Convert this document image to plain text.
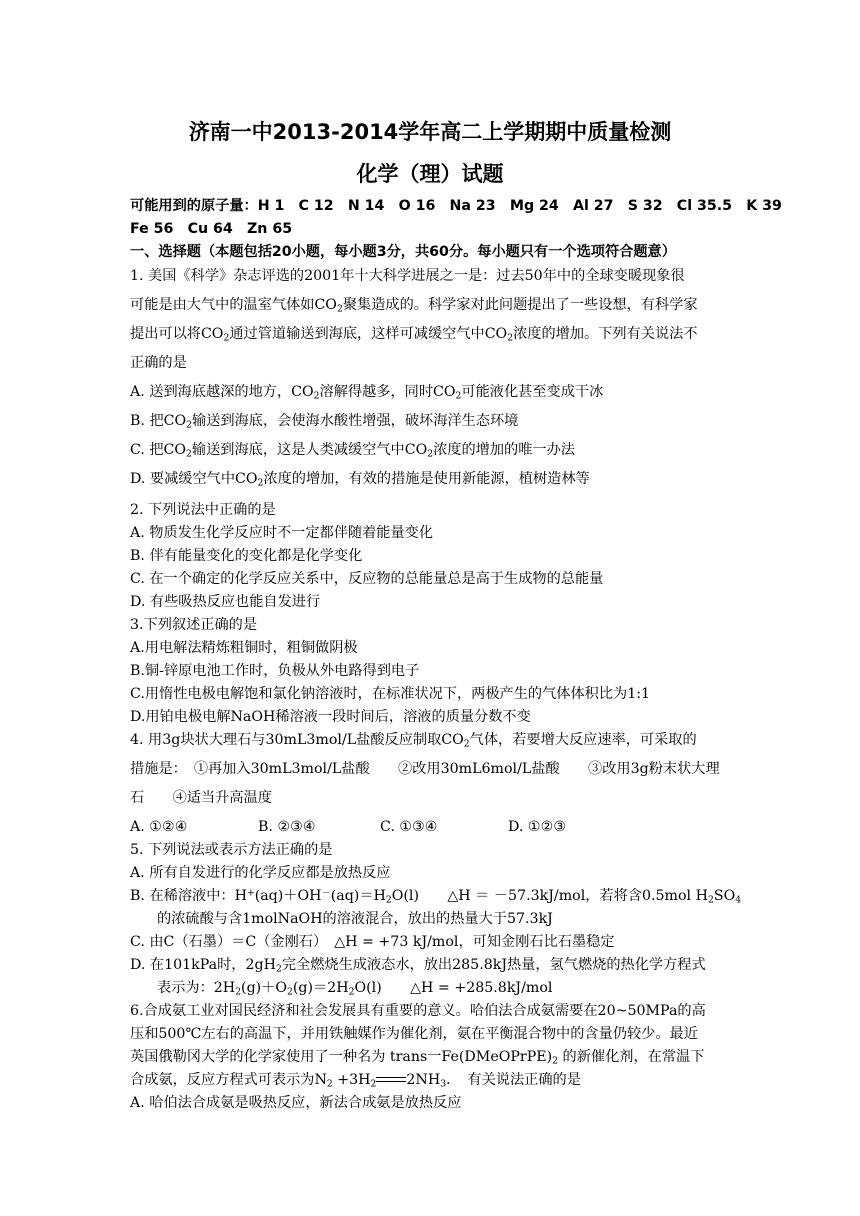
济南一中2013-2014学年高二上学期期中质量检测
化学（理）试题
可能用到的原子量：H 1　C 12　N 14　O 16　Na 23　Mg 24　Al 27　S 32　Cl 35.5　K 39
Fe 56　Cu 64　Zn 65
一、选择题（本题包括20小题，每小题3分，共60分。每小题只有一个选项符合题意）
1. 美国《科学》杂志评选的2001年十大科学进展之一是：过去50年中的全球变暖现象很
可能是由大气中的温室气体如$CO_2$聚集造成的。科学家对此问题提出了一些设想，有科学家
提出可以将$CO_2$通过管道输送到海底，这样可减缓空气中$CO_2$浓度的增加。下列有关说法不
正确的是
A. 送到海底越深的地方，$CO_2$溶解得越多，同时$CO_2$可能液化甚至变成干冰
B. 把$CO_2$输送到海底，会使海水酸性增强，破坏海洋生态环境
C. 把$CO_2$输送到海底，这是人类减缓空气中$CO_2$浓度的增加的唯一办法
D. 要减缓空气中$CO_2$浓度的增加，有效的措施是使用新能源，植树造林等
2. 下列说法中正确的是
A. 物质发生化学反应时不一定都伴随着能量变化
B. 伴有能量变化的变化都是化学变化
C. 在一个确定的化学反应关系中，反应物的总能量总是高于生成物的总能量
D. 有些吸热反应也能自发进行
3.下列叙述正确的是
A.用电解法精炼粗铜时，粗铜做阴极
B.铜-锌原电池工作时，负极从外电路得到电子
C.用惰性电极电解饱和氯化钠溶液时，在标准状况下，两极产生的气体体积比为1:1
D.用铂电极电解NaOH稀溶液一段时间后，溶液的质量分数不变
4. 用3g块状大理石与30mL3mol/L盐酸反应制取$CO_2$气体，若要增大反应速率，可采取的
措施是：　①再加入30mL3mol/L盐酸　　②改用30mL6mol/L盐酸　　③改用3g粉末状大理
石　　④适当升高温度
A. ①②④	B. ②③④	C. ①③④	D. ①②③
5. 下列说法或表示方法正确的是
A. 所有自发进行的化学反应都是放热反应
B. 在稀溶液中：$H^+(aq)+OH^-(aq)=H_2O(l)$　　△H ＝ －57.3kJ/mol，若将含0.5mol $H_2SO_4$
的浓硫酸与含1molNaOH的溶液混合，放出的热量大于57.3kJ
C. 由C（石墨）＝C（金刚石）　△H = +73 kJ/mol，可知金刚石比石墨稳定
D. 在101kPa时，$2gH_2$完全燃烧生成液态水，放出285.8kJ热量，氢气燃烧的热化学方程式
表示为：$2H_2(g)+O_2(g)=2H_2O(l)$　　△H = +285.8kJ/mol
6.合成氨工业对国民经济和社会发展具有重要的意义。哈伯法合成氨需要在20~50MPa的高
压和500℃左右的高温下，并用铁触媒作为催化剂，氨在平衡混合物中的含量仍较少。最近
英国俄勒冈大学的化学家使用了一种名为 trans一$Fe(DMeOPrPE)_2$ 的新催化剂，在常温下
合成氨，反应方程式可表示为$N_2 +3H_2$ $2NH_3$．　有关说法正确的是
A. 哈伯法合成氨是吸热反应，新法合成氨是放热反应
